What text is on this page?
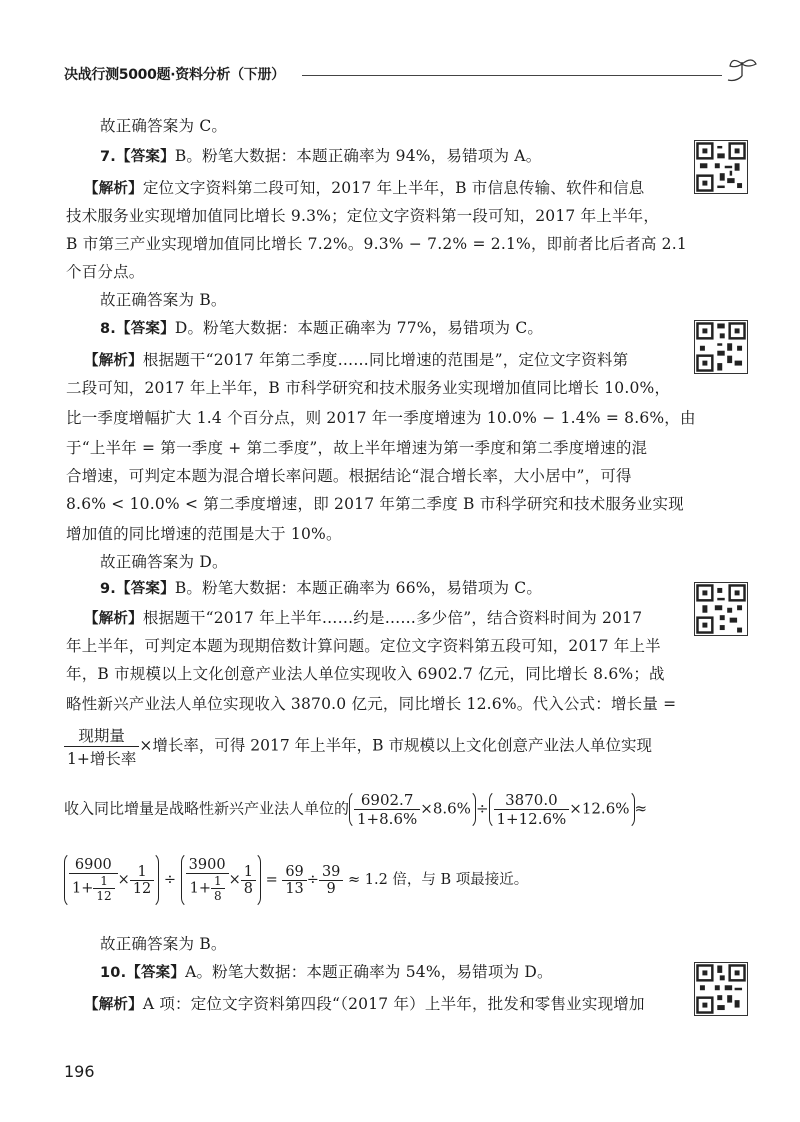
决战行测5000题·资料分析（下册）
故正确答案为 C。
7.【答案】B。粉笔大数据：本题正确率为 94%，易错项为 A。
【解析】定位文字资料第二段可知，2017 年上半年，B 市信息传输、软件和信息
技术服务业实现增加值同比增长 9.3%；定位文字资料第一段可知，2017 年上半年，
B 市第三产业实现增加值同比增长 7.2%。9.3% − 7.2% = 2.1%，即前者比后者高 2.1
个百分点。
故正确答案为 B。
8.【答案】D。粉笔大数据：本题正确率为 77%，易错项为 C。
【解析】根据题干“2017 年第二季度……同比增速的范围是”，定位文字资料第
二段可知，2017 年上半年，B 市科学研究和技术服务业实现增加值同比增长 10.0%，
比一季度增幅扩大 1.4 个百分点，则 2017 年一季度增速为 10.0% − 1.4% = 8.6%，由
于“上半年 = 第一季度 + 第二季度”，故上半年增速为第一季度和第二季度增速的混
合增速，可判定本题为混合增长率问题。根据结论“混合增长率，大小居中”，可得
8.6% < 10.0% < 第二季度增速，即 2017 年第二季度 B 市科学研究和技术服务业实现
增加值的同比增速的范围是大于 10%。
故正确答案为 D。
9.【答案】B。粉笔大数据：本题正确率为 66%，易错项为 C。
【解析】根据题干“2017 年上半年……约是……多少倍”，结合资料时间为 2017
年上半年，可判定本题为现期倍数计算问题。定位文字资料第五段可知，2017 年上半
年，B 市规模以上文化创意产业法人单位实现收入 6902.7 亿元，同比增长 8.6%；战
略性新兴产业法人单位实现收入 3870.0 亿元，同比增长 12.6%。代入公式：增长量 =
$\frac{\text{现期量}}{\text{1+增长率}}$ ×增长率，可得 2017 年上半年，B 市规模以上文化创意产业法人单位实现
收入同比增量是战略性新兴产业法人单位的 $\frac{6902.7}{1+8.6\%} \times 8.6\% \div \frac{3870.0}{1+12.6\%} \times 12.6\%$ ≈
$\frac{6900}{1+ \frac{1}{12}} \times \frac{1}{12} \div \frac{3900}{1+ \frac{1}{8}} \times \frac{1}{8} = \frac{69}{13} \div \frac{39}{9} \approx 1.2$ 倍，与 B 项最接近。
故正确答案为 B。
10.【答案】A。粉笔大数据：本题正确率为 54%，易错项为 D。
【解析】A 项：定位文字资料第四段“（2017 年）上半年，批发和零售业实现增加
196
